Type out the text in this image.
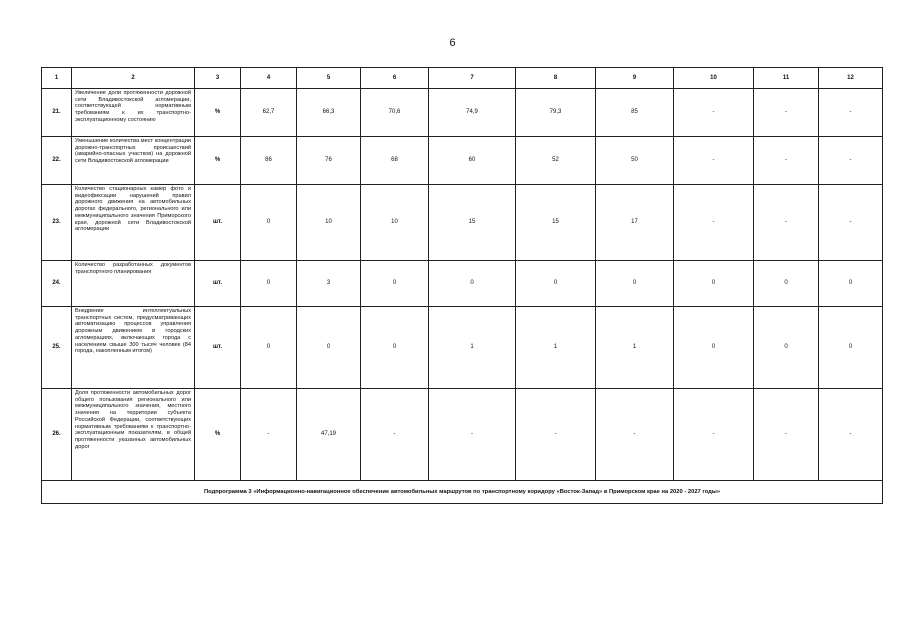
6
1	2	3	4	5	6	7	8	9	10	11	12
21.	Увеличение доли протяженности дорожной сети Владивостокской агломерации, соответствующей нормативным требованиям к их транспортно-эксплуатационному состоянию	%	62,7	66,3	70,6	74,9	79,3	85	-	-	-
22.	Уменьшение количества мест концентрации дорожно-транспортных происшествий (аварийно-опасных участков) на дорожной сети Владивостокской агломерации	%	86	76	68	60	52	50	-	-	-
23.	Количество стационарных камер фото и видеофиксации нарушений правил дорожного движения на автомобильных дорогах федерального, регионального или межмуниципального значения Приморского края, дорожной сети Владивостокской агломерации	шт.	0	10	10	15	15	17	-	-	-
24.	Количество разработанных документов транспортного планирования	шт.	0	3	0	0	0	0	0	0	0
25.	Внедрение интеллектуальных транспортных систем, предусматривающих автоматизацию процессов управления дорожным движением в городских агломерациях, включающих города с населением свыше 300 тысяч человек (84 города, накопленным итогом)	шт.	0	0	0	1	1	1	0	0	0
26.	Доля протяженности автомобильных дорог общего пользования регионального или межмуниципального значения, местного значения на территории субъекта Российской Федерации, соответствующих нормативным требованиям к транспортно-эксплуатационным показателям, в общей протяженности указанных автомобильных дорог	%	-	47,19	-	-	-	-	-	-	-
Подпрограмма 3 «Информационно-навигационное обеспечение автомобильных маршрутов по транспортному коридору «Восток-Запад» в Приморском крае на 2020 - 2027 годы»											
